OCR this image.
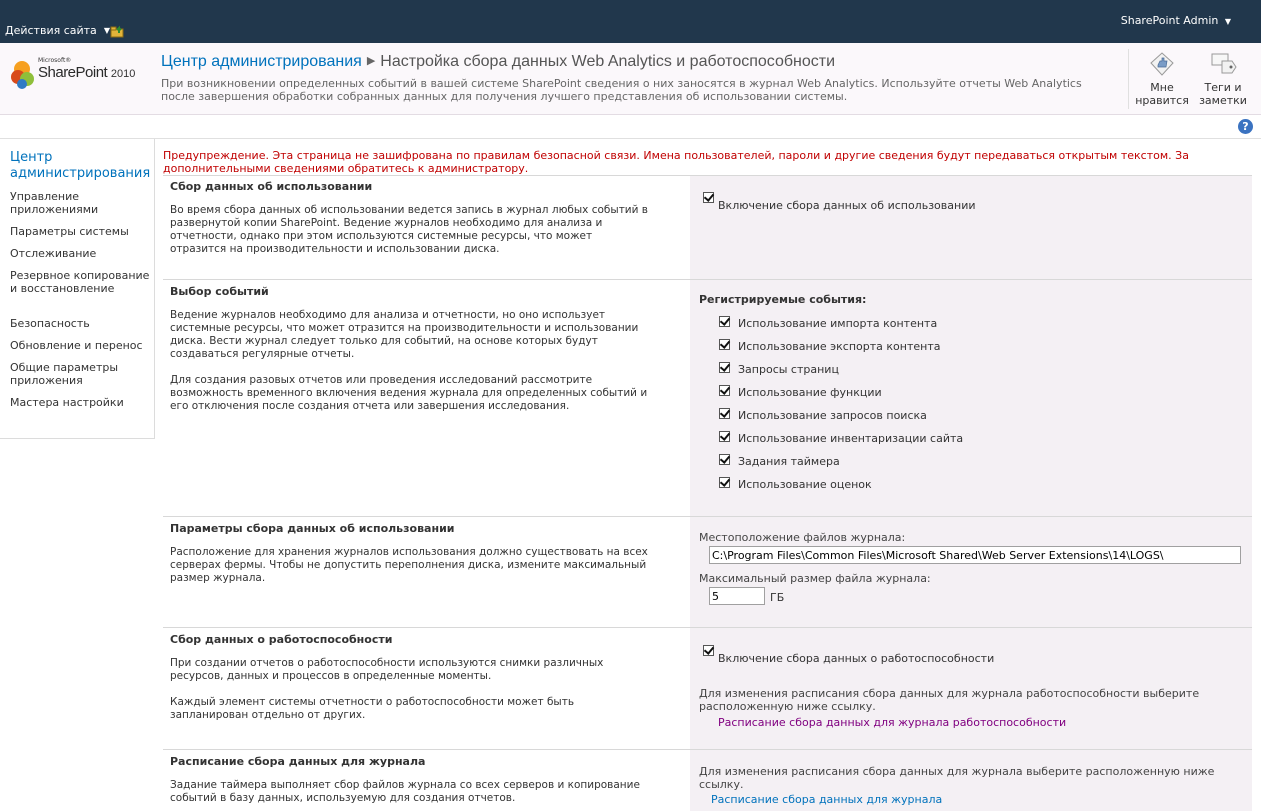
Действия сайта ▼
SharePoint Admin ▼
Microsoft®
SharePoint 2010
Центр администрирования ▶ Настройка сбора данных Web Analytics и работоспособности
При возникновении определенных событий в вашей системе SharePoint сведения о них заносятся в журнал Web Analytics. Используйте отчеты Web Analytics после завершения обработки собранных данных для получения лучшего представления об использовании системы.
Мне нравится
Теги и заметки
?
Центр администрирования
Управление приложениями
Параметры системы
Отслеживание
Резервное копирование и восстановление
Безопасность
Обновление и перенос
Общие параметры приложения
Мастера настройки
Предупреждение. Эта страница не зашифрована по правилам безопасной связи. Имена пользователей, пароли и другие сведения будут передаваться открытым текстом. За дополнительными сведениями обратитесь к администратору.
Сбор данных об использовании
Во время сбора данных об использовании ведется запись в журнал любых событий в развернутой копии SharePoint. Ведение журналов необходимо для анализа и отчетности, однако при этом используются системные ресурсы, что может отразится на производительности и использовании диска.
Включение сбора данных об использовании
Выбор событий
Ведение журналов необходимо для анализа и отчетности, но оно использует системные ресурсы, что может отразится на производительности и использовании диска. Вести журнал следует только для событий, на основе которых будут создаваться регулярные отчеты.
Для создания разовых отчетов или проведения исследований рассмотрите возможность временного включения ведения журнала для определенных событий и его отключения после создания отчета или завершения исследования.
Регистрируемые события:
Использование импорта контента
Использование экспорта контента
Запросы страниц
Использование функции
Использование запросов поиска
Использование инвентаризации сайта
Задания таймера
Использование оценок
Параметры сбора данных об использовании
Расположение для хранения журналов использования должно существовать на всех серверах фермы. Чтобы не допустить переполнения диска, измените максимальный размер журнала.
Местоположение файлов журнала:
C:\Program Files\Common Files\Microsoft Shared\Web Server Extensions\14\LOGS\
Максимальный размер файла журнала:
5
ГБ
Сбор данных о работоспособности
При создании отчетов о работоспособности используются снимки различных ресурсов, данных и процессов в определенные моменты.
Каждый элемент системы отчетности о работоспособности может быть запланирован отдельно от других.
Включение сбора данных о работоспособности
Для изменения расписания сбора данных для журнала работоспособности выберите расположенную ниже ссылку.
Расписание сбора данных для журнала работоспособности
Расписание сбора данных для журнала
Задание таймера выполняет сбор файлов журнала со всех серверов и копирование событий в базу данных, используемую для создания отчетов.
Для изменения расписания сбора данных для журнала выберите расположенную ниже ссылку.
Расписание сбора данных для журнала
